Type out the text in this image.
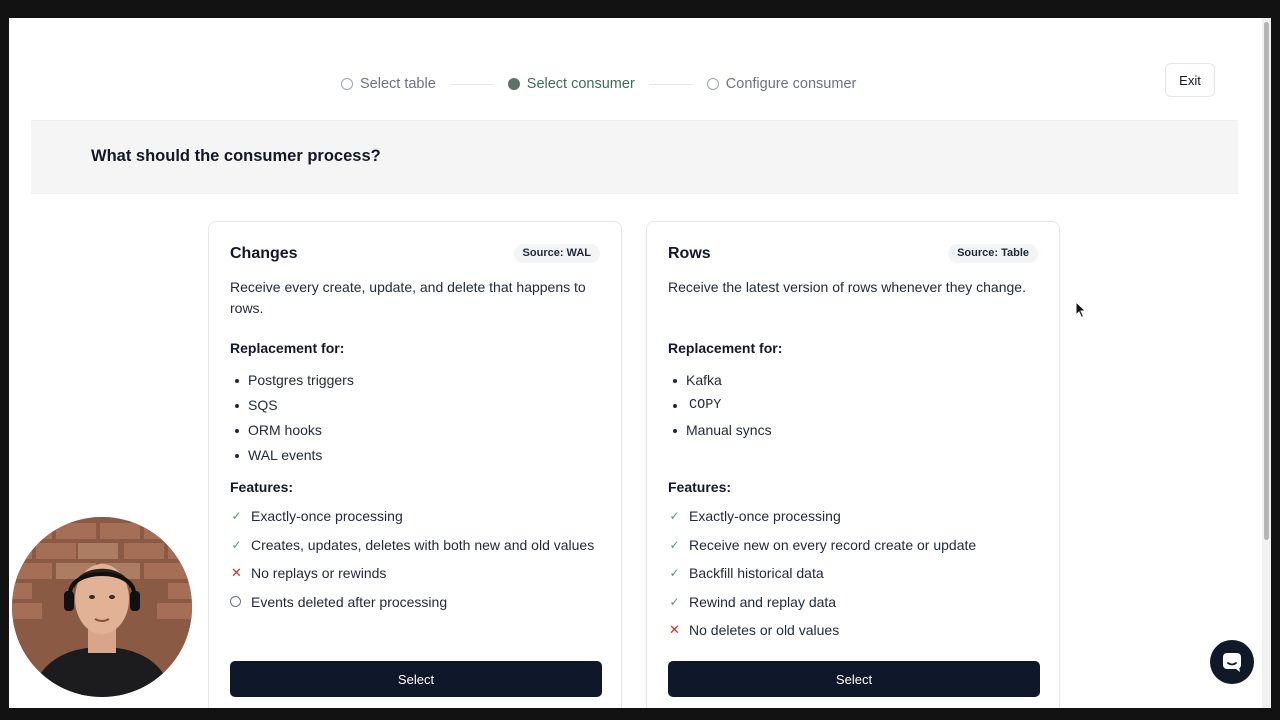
Select table	Select consumer	Configure consumer	Exit
What should the consumer process?
Changes	Source: WAL
Receive every create, update, and delete that happens to rows.
Replacement for:
Postgres triggers
SQS
ORM hooks
WAL events
Features:
✓ Exactly-once processing
✓ Creates, updates, deletes with both new and old values
✕ No replays or rewinds
Events deleted after processing
Select
Rows	Source: Table
Receive the latest version of rows whenever they change.
Replacement for:
Kafka
COPY
Manual syncs
Features:
✓ Exactly-once processing
✓ Receive new on every record create or update
✓ Backfill historical data
✓ Rewind and replay data
✕ No deletes or old values
Select
